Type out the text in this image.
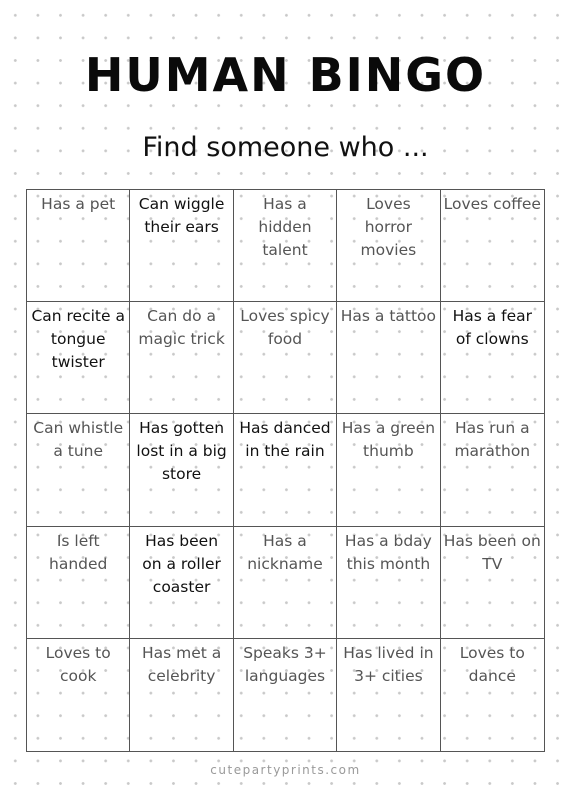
HUMAN BINGO
Find someone who ...
Has a pet	Can wiggle their ears
Has a hidden talent
Loves horror movies
Loves coffee
Can recite a tongue twister
Can do a magic trick
Loves spicy food
Has a tattoo	Has a fear of clowns
Can whistle a tune
Has gotten lost in a big store
Has danced in the rain
Has a green thumb
Has run a marathon
Is left handed
Has been on a roller coaster
Has a nickname
Has a bday this month
Has been on TV
Loves to cook
Has met a celebrity
Speaks 3+ languages
Has lived in 3+ cities
Loves to dance
cutepartyprints.com
